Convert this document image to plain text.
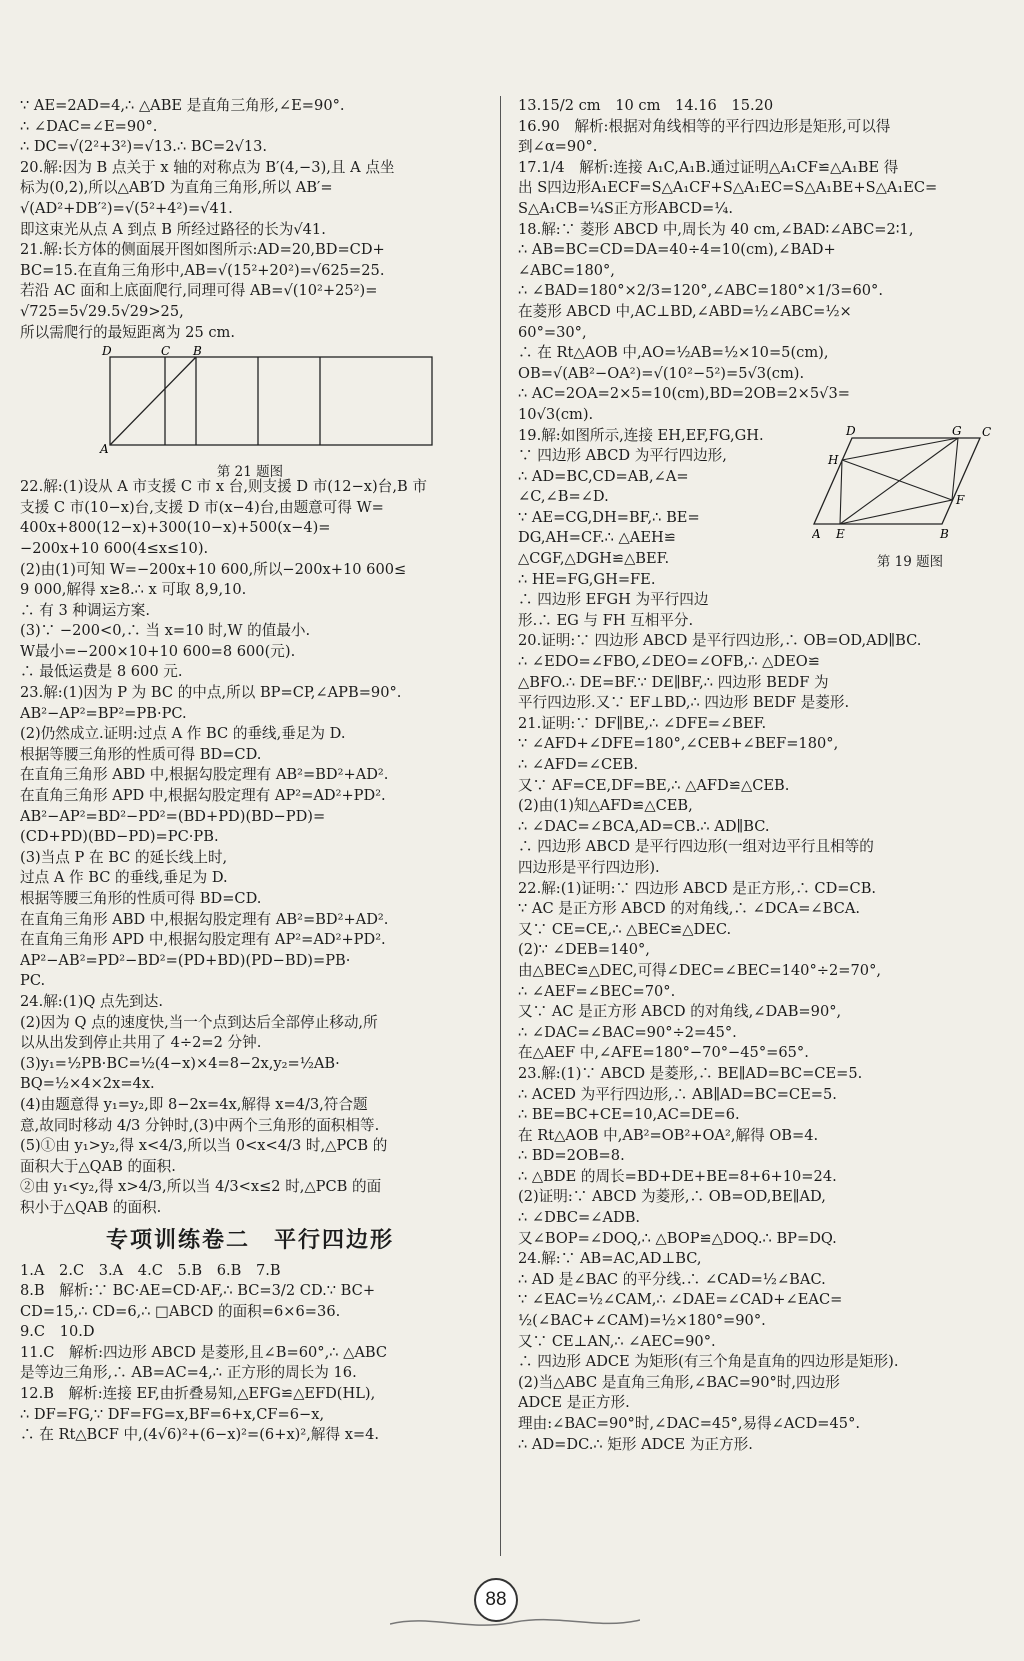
∵ AE=2AD=4,∴ △ABE 是直角三角形,∠E=90°.
∴ ∠DAC=∠E=90°.
∴ DC=√(2²+3²)=√13.∴ BC=2√13.
20.解:因为 B 点关于 x 轴的对称点为 B′(4,−3),且 A 点坐
标为(0,2),所以△AB′D 为直角三角形,所以 AB′=
√(AD²+DB′²)=√(5²+4²)=√41.
即这束光从点 A 到点 B 所经过路径的长为√41.
21.解:长方体的侧面展开图如图所示:AD=20,BD=CD+
BC=15.在直角三角形中,AB=√(15²+20²)=√625=25.
若沿 AC 面和上底面爬行,同理可得 AB=√(10²+25²)=
√725=5√29.5√29>25,
所以需爬行的最短距离为 25 cm.
D	C B
A
第 21 题图
22.解:(1)设从 A 市支援 C 市 x 台,则支援 D 市(12−x)台,B 市
支援 C 市(10−x)台,支援 D 市(x−4)台,由题意可得 W=
400x+800(12−x)+300(10−x)+500(x−4)=
−200x+10 600(4≤x≤10).
(2)由(1)可知 W=−200x+10 600,所以−200x+10 600≤
9 000,解得 x≥8.∴ x 可取 8,9,10.
∴ 有 3 种调运方案.
(3)∵ −200<0,∴ 当 x=10 时,W 的值最小.
W最小=−200×10+10 600=8 600(元).
∴ 最低运费是 8 600 元.
23.解:(1)因为 P 为 BC 的中点,所以 BP=CP,∠APB=90°.
AB²−AP²=BP²=PB·PC.
(2)仍然成立.证明:过点 A 作 BC 的垂线,垂足为 D.
根据等腰三角形的性质可得 BD=CD.
在直角三角形 ABD 中,根据勾股定理有 AB²=BD²+AD².
在直角三角形 APD 中,根据勾股定理有 AP²=AD²+PD².
AB²−AP²=BD²−PD²=(BD+PD)(BD−PD)=
(CD+PD)(BD−PD)=PC·PB.
(3)当点 P 在 BC 的延长线上时,
过点 A 作 BC 的垂线,垂足为 D.
根据等腰三角形的性质可得 BD=CD.
在直角三角形 ABD 中,根据勾股定理有 AB²=BD²+AD².
在直角三角形 APD 中,根据勾股定理有 AP²=AD²+PD².
AP²−AB²=PD²−BD²=(PD+BD)(PD−BD)=PB·
PC.
24.解:(1)Q 点先到达.
(2)因为 Q 点的速度快,当一个点到达后全部停止移动,所
以从出发到停止共用了 4÷2=2 分钟.
(3)y₁=½PB·BC=½(4−x)×4=8−2x,y₂=½AB·
BQ=½×4×2x=4x.
(4)由题意得 y₁=y₂,即 8−2x=4x,解得 x=4/3,符合题
意,故同时移动 4/3 分钟时,(3)中两个三角形的面积相等.
(5)①由 y₁>y₂,得 x<4/3,所以当 0<x<4/3 时,△PCB 的
面积大于△QAB 的面积.
②由 y₁<y₂,得 x>4/3,所以当 4/3<x≤2 时,△PCB 的面
积小于△QAB 的面积.
专项训练卷二　平行四边形
1.A　2.C　3.A　4.C　5.B　6.B　7.B
8.B　解析:∵ BC·AE=CD·AF,∴ BC=3/2 CD.∵ BC+
CD=15,∴ CD=6,∴ □ABCD 的面积=6×6=36.
9.C　10.D
11.C　解析:四边形 ABCD 是菱形,且∠B=60°,∴ △ABC
是等边三角形,∴ AB=AC=4,∴ 正方形的周长为 16.
12.B　解析:连接 EF,由折叠易知,△EFG≌△EFD(HL),
∴ DF=FG,∵ DF=FG=x,BF=6+x,CF=6−x,
∴ 在 Rt△BCF 中,(4√6)²+(6−x)²=(6+x)²,解得 x=4.
13.15/2 cm　10 cm　14.16　15.20
16.90　解析:根据对角线相等的平行四边形是矩形,可以得
到∠α=90°.
17.1/4　解析:连接 A₁C,A₁B.通过证明△A₁CF≌△A₁BE 得
出 S四边形A₁ECF=S△A₁CF+S△A₁EC=S△A₁BE+S△A₁EC=
S△A₁CB=¼S正方形ABCD=¼.
18.解:∵ 菱形 ABCD 中,周长为 40 cm,∠BAD∶∠ABC=2∶1,
∴ AB=BC=CD=DA=40÷4=10(cm),∠BAD+
∠ABC=180°,
∴ ∠BAD=180°×2/3=120°,∠ABC=180°×1/3=60°.
在菱形 ABCD 中,AC⊥BD,∠ABD=½∠ABC=½×
60°=30°,
∴ 在 Rt△AOB 中,AO=½AB=½×10=5(cm),
OB=√(AB²−OA²)=√(10²−5²)=5√3(cm).
∴ AC=2OA=2×5=10(cm),BD=2OB=2×5√3=
10√3(cm).
19.解:如图所示,连接 EH,EF,FG,GH.
∵ 四边形 ABCD 为平行四边形,
∴ AD=BC,CD=AB,∠A=
∠C,∠B=∠D.
∵ AE=CG,DH=BF,∴ BE=
DG,AH=CF.∴ △AEH≌
△CGF,△DGH≌△BEF.
∴ HE=FG,GH=FE.
∴ 四边形 EFGH 为平行四边
形.∴ EG 与 FH 互相平分.
D	G C
H
F
A E	B
第 19 题图
20.证明:∵ 四边形 ABCD 是平行四边形,∴ OB=OD,AD∥BC.
∴ ∠EDO=∠FBO,∠DEO=∠OFB,∴ △DEO≌
△BFO.∴ DE=BF.∵ DE∥BF,∴ 四边形 BEDF 为
平行四边形.又∵ EF⊥BD,∴ 四边形 BEDF 是菱形.
21.证明:∵ DF∥BE,∴ ∠DFE=∠BEF.
∵ ∠AFD+∠DFE=180°,∠CEB+∠BEF=180°,
∴ ∠AFD=∠CEB.
又∵ AF=CE,DF=BE,∴ △AFD≌△CEB.
(2)由(1)知△AFD≌△CEB,
∴ ∠DAC=∠BCA,AD=CB.∴ AD∥BC.
∴ 四边形 ABCD 是平行四边形(一组对边平行且相等的
四边形是平行四边形).
22.解:(1)证明:∵ 四边形 ABCD 是正方形,∴ CD=CB.
∵ AC 是正方形 ABCD 的对角线,∴ ∠DCA=∠BCA.
又∵ CE=CE,∴ △BEC≌△DEC.
(2)∵ ∠DEB=140°,
由△BEC≌△DEC,可得∠DEC=∠BEC=140°÷2=70°,
∴ ∠AEF=∠BEC=70°.
又∵ AC 是正方形 ABCD 的对角线,∠DAB=90°,
∴ ∠DAC=∠BAC=90°÷2=45°.
在△AEF 中,∠AFE=180°−70°−45°=65°.
23.解:(1)∵ ABCD 是菱形,∴ BE∥AD=BC=CE=5.
∴ ACED 为平行四边形,∴ AB∥AD=BC=CE=5.
∴ BE=BC+CE=10,AC=DE=6.
在 Rt△AOB 中,AB²=OB²+OA²,解得 OB=4.
∴ BD=2OB=8.
∴ △BDE 的周长=BD+DE+BE=8+6+10=24.
(2)证明:∵ ABCD 为菱形,∴ OB=OD,BE∥AD,
∴ ∠DBC=∠ADB.
又∠BOP=∠DOQ,∴ △BOP≌△DOQ.∴ BP=DQ.
24.解:∵ AB=AC,AD⊥BC,
∴ AD 是∠BAC 的平分线.∴ ∠CAD=½∠BAC.
∵ ∠EAC=½∠CAM,∴ ∠DAE=∠CAD+∠EAC=
½(∠BAC+∠CAM)=½×180°=90°.
又∵ CE⊥AN,∴ ∠AEC=90°.
∴ 四边形 ADCE 为矩形(有三个角是直角的四边形是矩形).
(2)当△ABC 是直角三角形,∠BAC=90°时,四边形
ADCE 是正方形.
理由:∠BAC=90°时,∠DAC=45°,易得∠ACD=45°.
∴ AD=DC.∴ 矩形 ADCE 为正方形.
88
